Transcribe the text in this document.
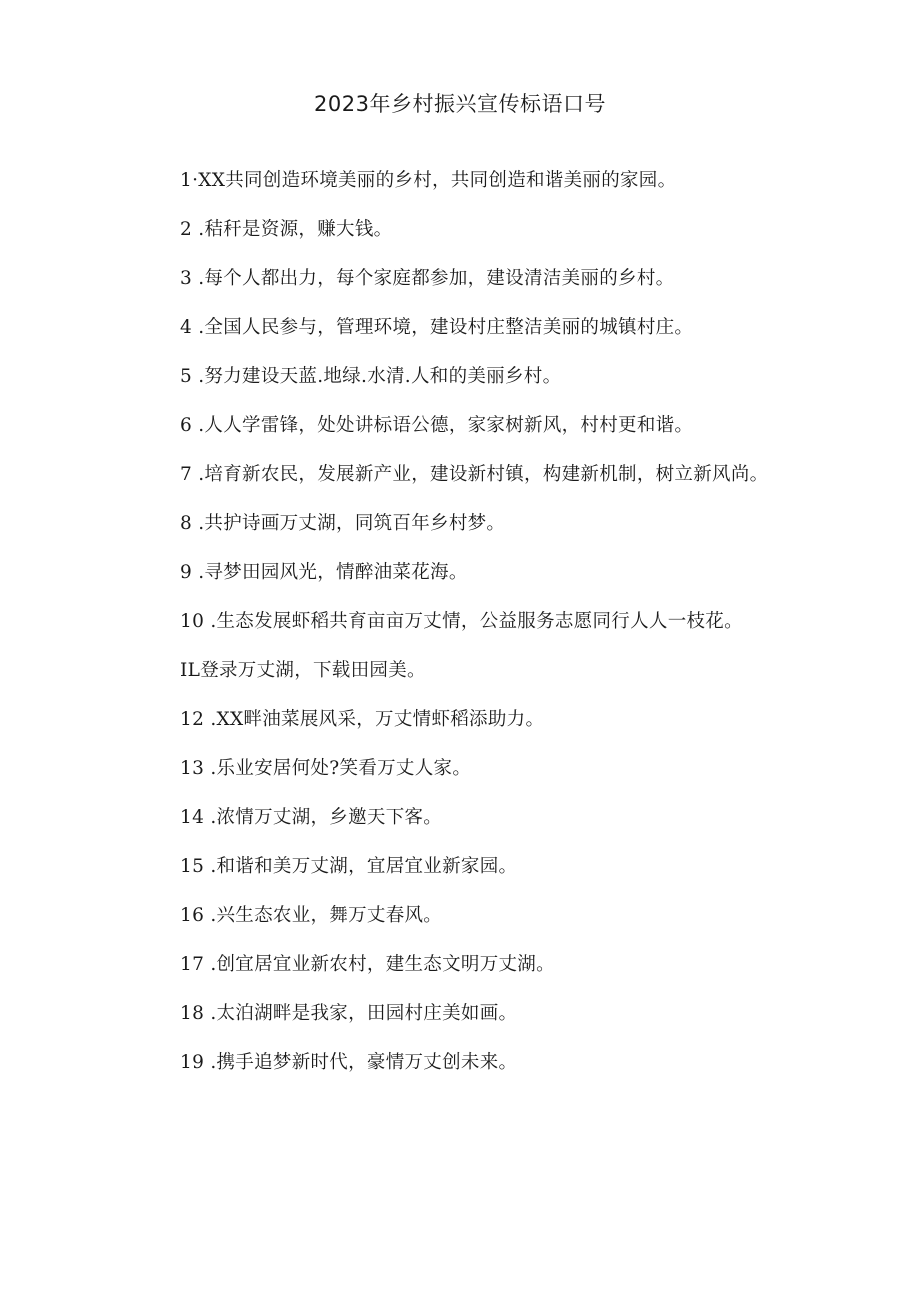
2023年乡村振兴宣传标语口号

1·XX共同创造环境美丽的乡村，共同创造和谐美丽的家园。

2 .秸秆是资源，赚大钱。

3 .每个人都出力，每个家庭都参加，建设清洁美丽的乡村。

4 .全国人民参与，管理环境，建设村庄整洁美丽的城镇村庄。

5 .努力建设天蓝.地绿.水清.人和的美丽乡村。

6 .人人学雷锋，处处讲标语公德，家家树新风，村村更和谐。

7 .培育新农民，发展新产业，建设新村镇，构建新机制，树立新风尚。

8 .共护诗画万丈湖，同筑百年乡村梦。

9 .寻梦田园风光，情醉油菜花海。

10 .生态发展虾稻共育亩亩万丈情，公益服务志愿同行人人一枝花。

IL登录万丈湖，下载田园美。

12 .XX畔油菜展风采，万丈情虾稻添助力。

13 .乐业安居何处?笑看万丈人家。

14 .浓情万丈湖，乡邀天下客。

15 .和谐和美万丈湖，宜居宜业新家园。

16 .兴生态农业，舞万丈春风。

17 .创宜居宜业新农村，建生态文明万丈湖。

18 .太泊湖畔是我家，田园村庄美如画。

19 .携手追梦新时代，豪情万丈创未来。
